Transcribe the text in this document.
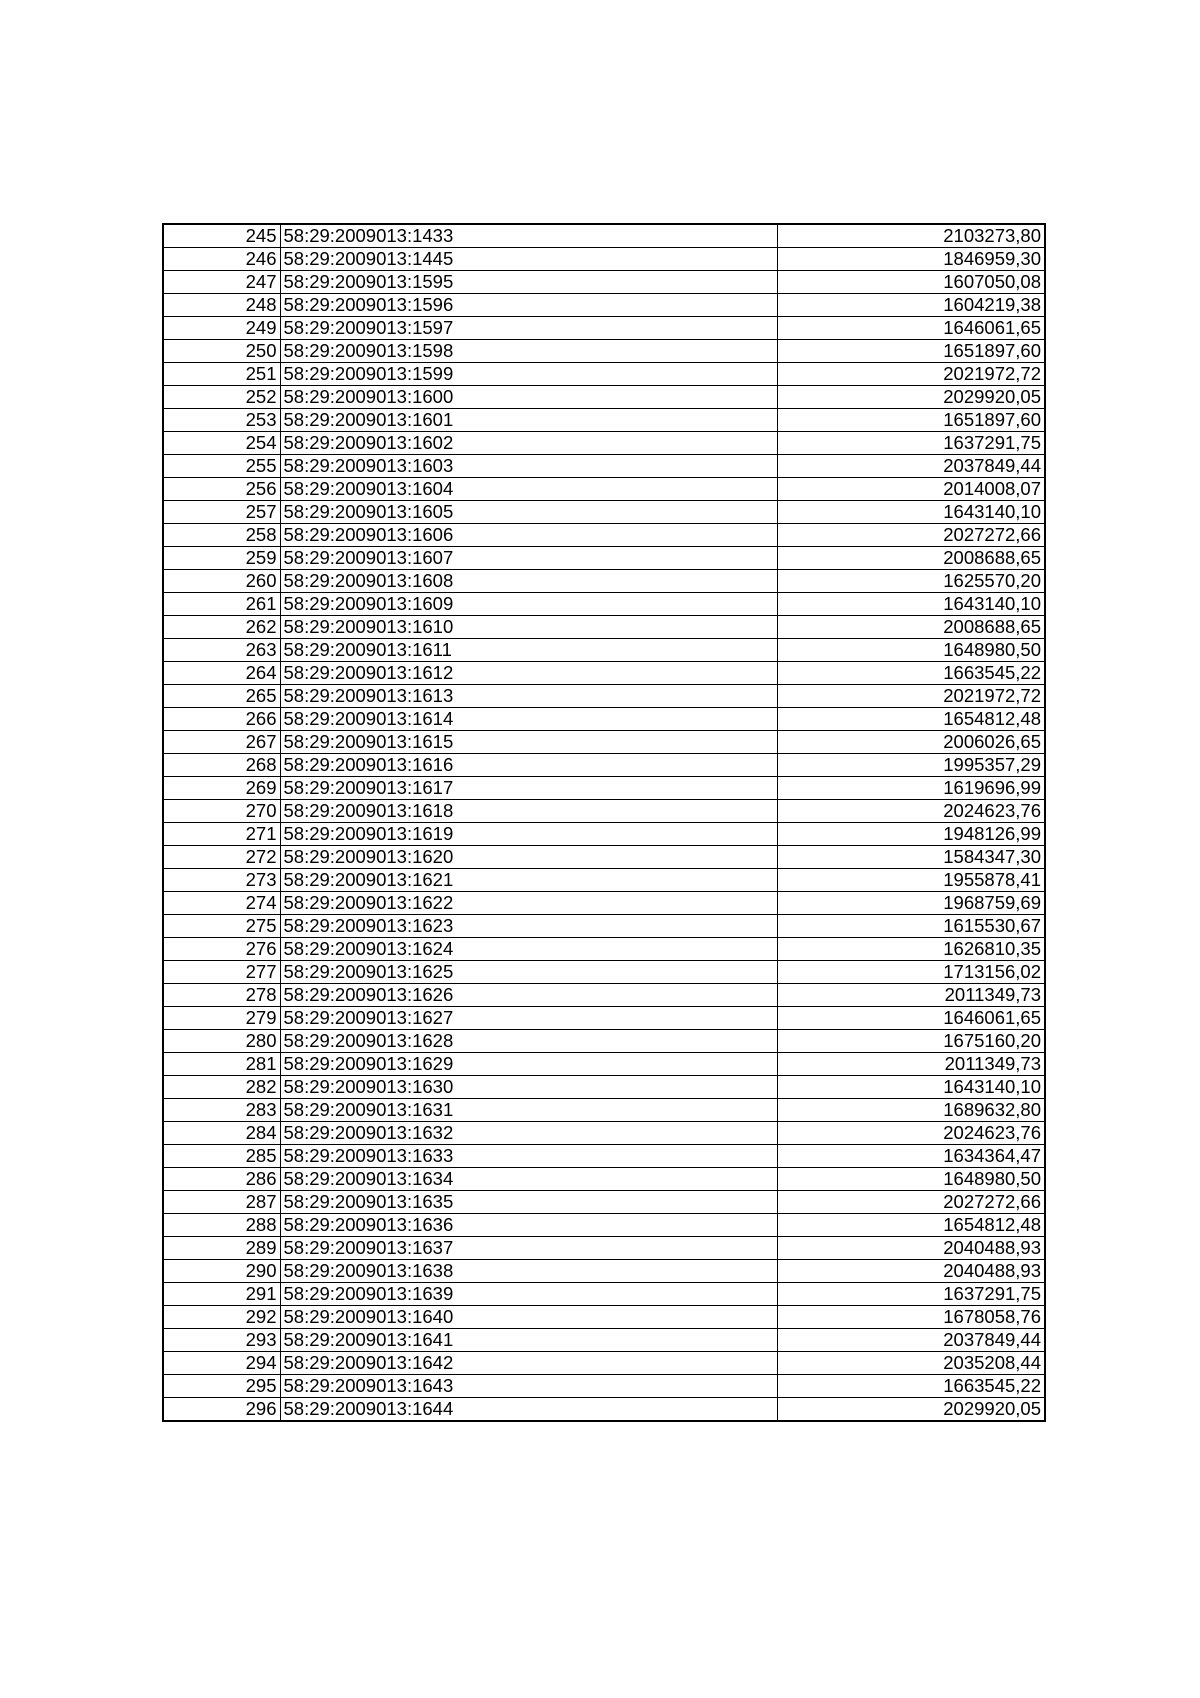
245	58:29:2009013:1433	2103273,80
246	58:29:2009013:1445	1846959,30
247	58:29:2009013:1595	1607050,08
248	58:29:2009013:1596	1604219,38
249	58:29:2009013:1597	1646061,65
250	58:29:2009013:1598	1651897,60
251	58:29:2009013:1599	2021972,72
252	58:29:2009013:1600	2029920,05
253	58:29:2009013:1601	1651897,60
254	58:29:2009013:1602	1637291,75
255	58:29:2009013:1603	2037849,44
256	58:29:2009013:1604	2014008,07
257	58:29:2009013:1605	1643140,10
258	58:29:2009013:1606	2027272,66
259	58:29:2009013:1607	2008688,65
260	58:29:2009013:1608	1625570,20
261	58:29:2009013:1609	1643140,10
262	58:29:2009013:1610	2008688,65
263	58:29:2009013:1611	1648980,50
264	58:29:2009013:1612	1663545,22
265	58:29:2009013:1613	2021972,72
266	58:29:2009013:1614	1654812,48
267	58:29:2009013:1615	2006026,65
268	58:29:2009013:1616	1995357,29
269	58:29:2009013:1617	1619696,99
270	58:29:2009013:1618	2024623,76
271	58:29:2009013:1619	1948126,99
272	58:29:2009013:1620	1584347,30
273	58:29:2009013:1621	1955878,41
274	58:29:2009013:1622	1968759,69
275	58:29:2009013:1623	1615530,67
276	58:29:2009013:1624	1626810,35
277	58:29:2009013:1625	1713156,02
278	58:29:2009013:1626	2011349,73
279	58:29:2009013:1627	1646061,65
280	58:29:2009013:1628	1675160,20
281	58:29:2009013:1629	2011349,73
282	58:29:2009013:1630	1643140,10
283	58:29:2009013:1631	1689632,80
284	58:29:2009013:1632	2024623,76
285	58:29:2009013:1633	1634364,47
286	58:29:2009013:1634	1648980,50
287	58:29:2009013:1635	2027272,66
288	58:29:2009013:1636	1654812,48
289	58:29:2009013:1637	2040488,93
290	58:29:2009013:1638	2040488,93
291	58:29:2009013:1639	1637291,75
292	58:29:2009013:1640	1678058,76
293	58:29:2009013:1641	2037849,44
294	58:29:2009013:1642	2035208,44
295	58:29:2009013:1643	1663545,22
296	58:29:2009013:1644	2029920,05
